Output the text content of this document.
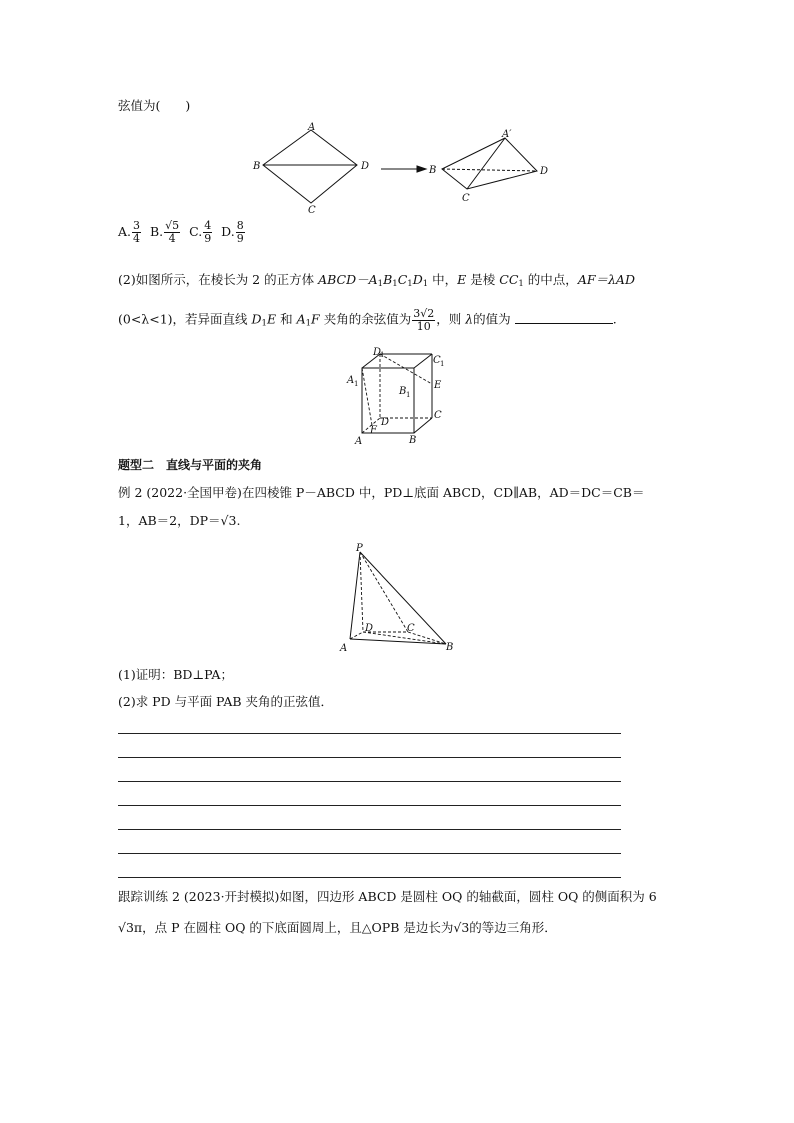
弦值为(　　)
A
B
C
D
A′
B
C
D
A. $\frac{3}{4} B$. $\frac{√5}{4} C$. $\frac{4}{9} D$. $\frac{8}{9}$
(2)如图所示，在棱长为 2 的正方体 $ABCD-A_1B_1C_1D_1$ 中，E 是棱 $CC_1$ 的中点，AF＝λAD
(0<λ<1)，若异面直线 $D_1E$ 和 $A_1F$ 夹角的余弦值为 $\frac{3√2}{10}$ ，则 λ的值为	.
D
1	C 1
A 1
B 1
E
C
D
F
A	B
题型二　直线与平面的夹角
例 2 (2022·全国甲卷)在四棱锥 P－ABCD 中，PD⊥底面 ABCD，CD∥AB，AD＝DC＝CB＝
1，AB＝2，DP＝√3.
P
D	C
A	B
(1)证明：BD⊥PA；
(2)求 PD 与平面 PAB 夹角的正弦值．
跟踪训练 2 (2023·开封模拟)如图，四边形 ABCD 是圆柱 OQ 的轴截面，圆柱 OQ 的侧面积为 6
√3π，点 P 在圆柱 OQ 的下底面圆周上，且△OPB 是边长为√3的等边三角形．
